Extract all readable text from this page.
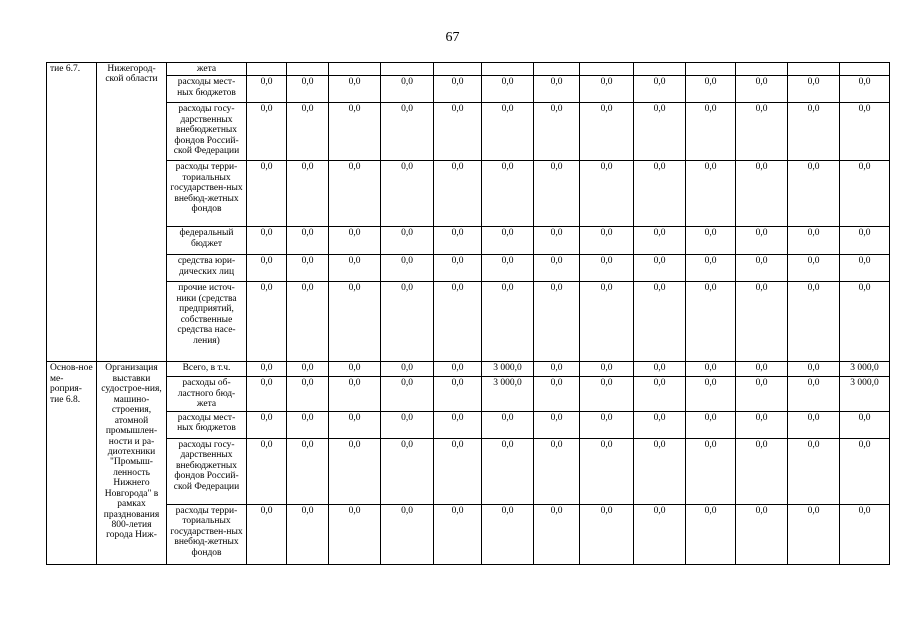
67
тие 6.7.	Нижегород-ской области	жета													
		расходы мест-ных бюджетов	0,0	0,0	0,0	0,0	0,0	0,0	0,0	0,0	0,0	0,0	0,0	0,0	0,0
		расходы госу-дарственных внебюджетных фондов Россий-ской Федерации	0,0	0,0	0,0	0,0	0,0	0,0	0,0	0,0	0,0	0,0	0,0	0,0	0,0
		расходы терри-ториальных государствен-ных внебюд-жетных фондов	0,0	0,0	0,0	0,0	0,0	0,0	0,0	0,0	0,0	0,0	0,0	0,0	0,0
		федеральный бюджет	0,0	0,0	0,0	0,0	0,0	0,0	0,0	0,0	0,0	0,0	0,0	0,0	0,0
		средства юри-дических лиц	0,0	0,0	0,0	0,0	0,0	0,0	0,0	0,0	0,0	0,0	0,0	0,0	0,0
		прочие источ-ники (средства предприятий, собственные средства насе-ления)	0,0	0,0	0,0	0,0	0,0	0,0	0,0	0,0	0,0	0,0	0,0	0,0	0,0
Основ-ное ме-роприя-тие 6.8.	Организация выставки судострое-ния, машино-строения, атомной промышлен-ности и ра-диотехники "Промыш-ленность Нижнего Новгорода" в рамках празднования 800-летия города Ниж-	Всего, в т.ч.	0,0	0,0	0,0	0,0	0,0	3 000,0	0,0	0,0	0,0	0,0	0,0	0,0	3 000,0
		расходы об-ластного бюд-жета	0,0	0,0	0,0	0,0	0,0	3 000,0	0,0	0,0	0,0	0,0	0,0	0,0	3 000,0
		расходы мест-ных бюджетов	0,0	0,0	0,0	0,0	0,0	0,0	0,0	0,0	0,0	0,0	0,0	0,0	0,0
		расходы госу-дарственных внебюджетных фондов Россий-ской Федерации	0,0	0,0	0,0	0,0	0,0	0,0	0,0	0,0	0,0	0,0	0,0	0,0	0,0
		расходы терри-ториальных государствен-ных внебюд-жетных фондов	0,0	0,0	0,0	0,0	0,0	0,0	0,0	0,0	0,0	0,0	0,0	0,0	0,0
